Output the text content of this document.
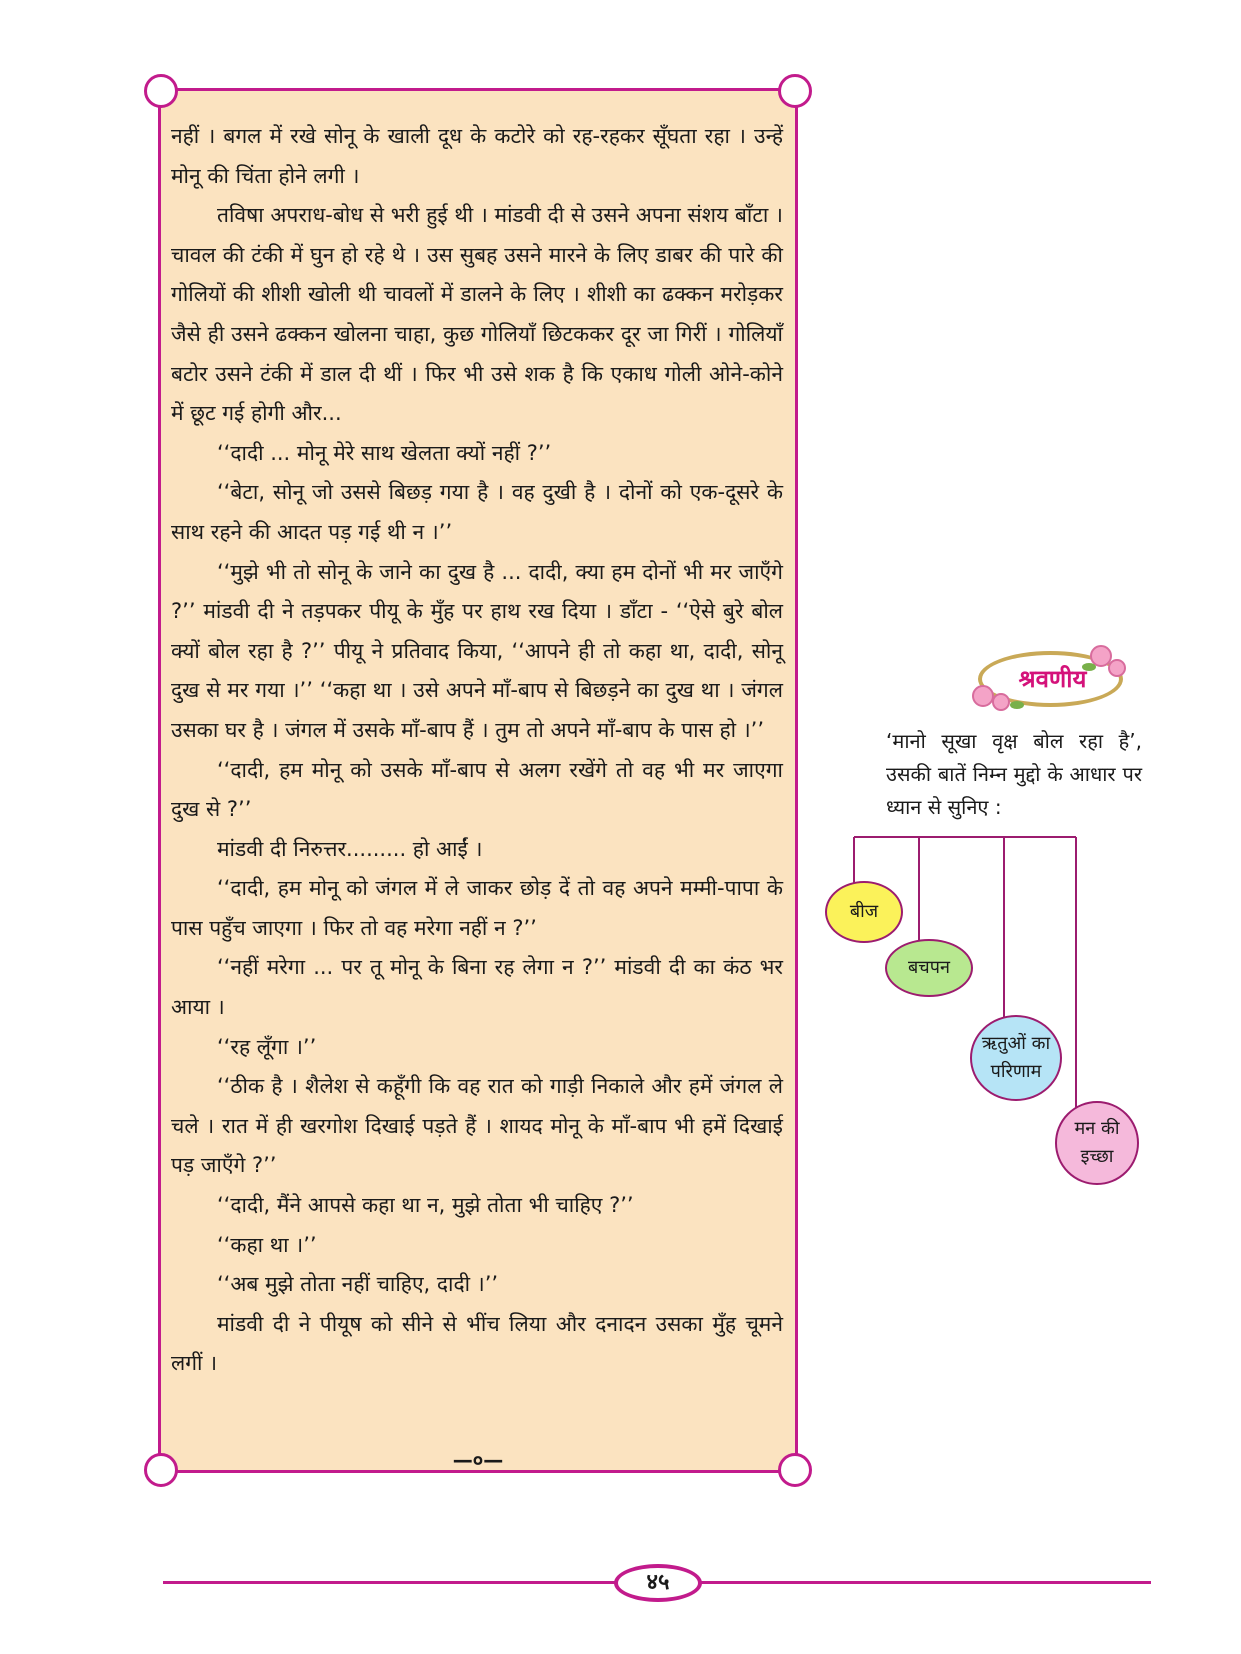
नहीं । बगल में रखे सोनू के खाली दूध के कटोरे को रह-रहकर सूँघता रहा । उन्हें मोनू की चिंता होने लगी ।

तविषा अपराध-बोध से भरी हुई थी । मांडवी दी से उसने अपना संशय बाँटा । चावल की टंकी में घुन हो रहे थे । उस सुबह उसने मारने के लिए डाबर की पारे की गोलियों की शीशी खोली थी चावलों में डालने के लिए । शीशी का ढक्कन मरोड़कर जैसे ही उसने ढक्कन खोलना चाहा, कुछ गोलियाँ छिटककर दूर जा गिरीं । गोलियाँ बटोर उसने टंकी में डाल दी थीं । फिर भी उसे शक है कि एकाध गोली ओने-कोने में छूट गई होगी और...

‘‘दादी ... मोनू मेरे साथ खेलता क्यों नहीं ?’’

‘‘बेटा, सोनू जो उससे बिछड़ गया है । वह दुखी है । दोनों को एक-दूसरे के साथ रहने की आदत पड़ गई थी न ।’’

‘‘मुझे भी तो सोनू के जाने का दुख है ... दादी, क्या हम दोनों भी मर जाएँगे ?’’ मांडवी दी ने तड़पकर पीयू के मुँह पर हाथ रख दिया । डाँटा - ‘‘ऐसे बुरे बोल क्यों बोल रहा है ?’’ पीयू ने प्रतिवाद किया, ‘‘आपने ही तो कहा था, दादी, सोनू दुख से मर गया ।’’ ‘‘कहा था । उसे अपने माँ-बाप से बिछड़ने का दुख था । जंगल उसका घर है । जंगल में उसके माँ-बाप हैं । तुम तो अपने माँ-बाप के पास हो ।’’

‘‘दादी, हम मोनू को उसके माँ-बाप से अलग रखेंगे तो वह भी मर जाएगा दुख से ?’’

मांडवी दी निरुत्तर......... हो आईं ।

‘‘दादी, हम मोनू को जंगल में ले जाकर छोड़ दें तो वह अपने मम्मी-पापा के पास पहुँच जाएगा । फिर तो वह मरेगा नहीं न ?’’

‘‘नहीं मरेगा ... पर तू मोनू के बिना रह लेगा न ?’’ मांडवी दी का कंठ भर आया ।

‘‘रह लूँगा ।’’

‘‘ठीक है । शैलेश से कहूँगी कि वह रात को गाड़ी निकाले और हमें जंगल ले चले । रात में ही खरगोश दिखाई पड़ते हैं । शायद मोनू के माँ-बाप भी हमें दिखाई पड़ जाएँगे ?’’

‘‘दादी, मैंने आपसे कहा था न, मुझे तोता भी चाहिए ?’’

‘‘कहा था ।’’

‘‘अब मुझे तोता नहीं चाहिए, दादी ।’’

मांडवी दी ने पीयूष को सीने से भींच लिया और दनादन उसका मुँह चूमने लगीं ।

—०—
श्रवणीय
‘मानो सूखा वृक्ष बोल रहा है’, उसकी बातें निम्न मुद्दो के आधार पर ध्यान से सुनिए :
बीज
बचपन
ऋतुओं का परिणाम
मन की इच्छा
४५
